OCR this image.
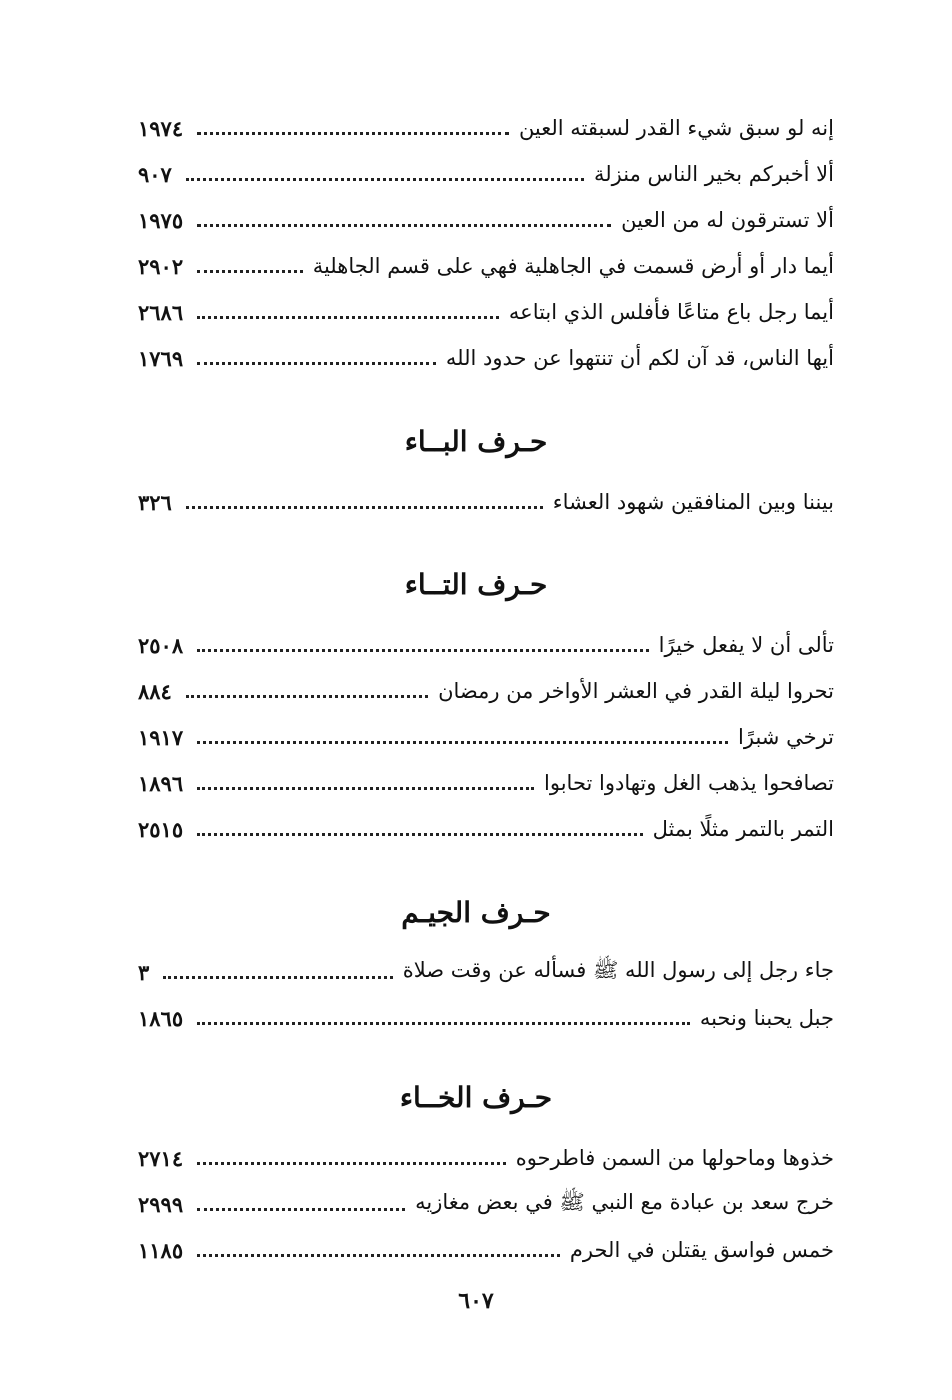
إنه لو سبق شيء القدر لسبقته العين
١٩٧٤
ألا أخبركم بخير الناس منزلة
٩٠٧
ألا تسترقون له من العين
١٩٧٥
أيما دار أو أرض قسمت في الجاهلية فهي على قسم الجاهلية
٢٩٠٢
أيما رجل باع متاعًا فأفلس الذي ابتاعه
٢٦٨٦
أيها الناس، قد آن لكم أن تنتهوا عن حدود الله
١٧٦٩
حـرف البــاء
بيننا وبين المنافقين شهود العشاء
٣٢٦
حـرف التــاء
تألى أن لا يفعل خيرًا
٢٥٠٨
تحروا ليلة القدر في العشر الأواخر من رمضان
٨٨٤
ترخي شبرًا
١٩١٧
تصافحوا يذهب الغل وتهادوا تحابوا
١٨٩٦
التمر بالتمر مثلًا بمثل
٢٥١٥
حـرف الجيـم
جاء رجل إلى رسول الله ﷺ فسأله عن وقت صلاة
٣
جبل يحبنا ونحبه
١٨٦٥
حـرف الخــاء
خذوها وماحولها من السمن فاطرحوه
٢٧١٤
خرج سعد بن عبادة مع النبي ﷺ في بعض مغازيه
٢٩٩٩
خمس فواسق يقتلن في الحرم
١١٨٥
٦٠٧
